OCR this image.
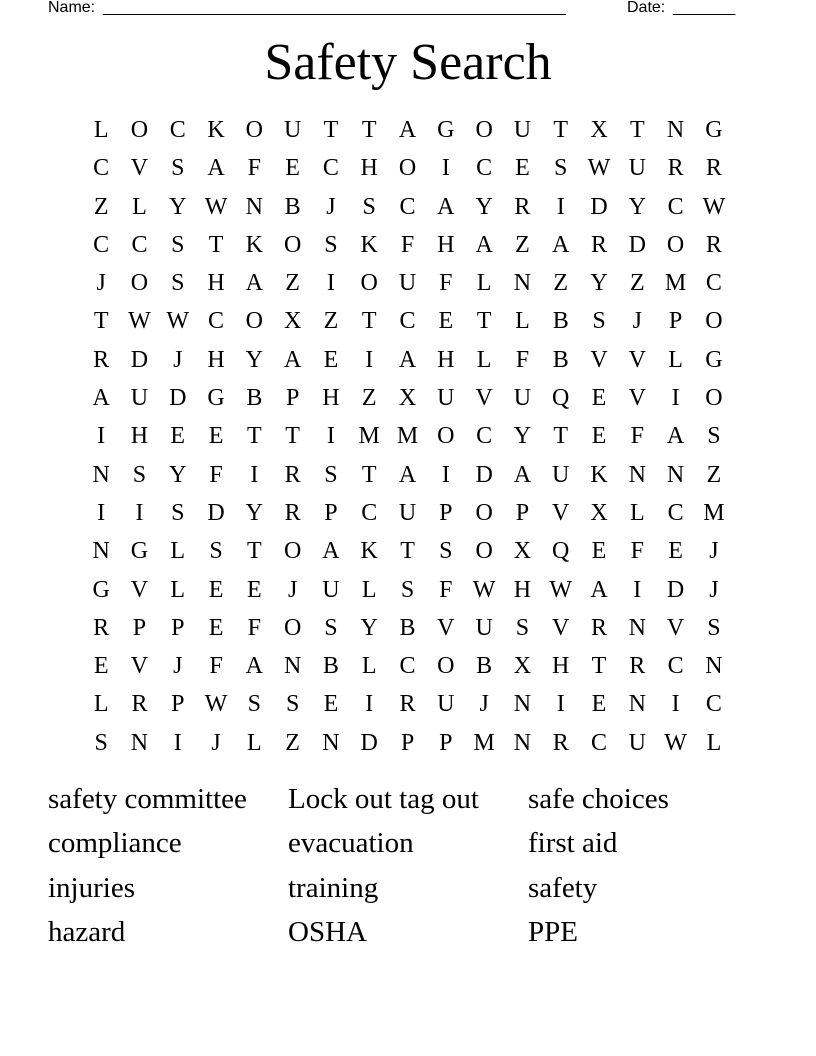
Name: ____________________________________________________	Date: _______
Safety Search
L O C K O U T T A G O U T X T N G
C V S A F	E C H O	I	C E	S W U R R
Z L Y W N B	J	S C A Y R	I	D Y C W
C C S	T K O S K F H A Z A R D O R
J	O S H A Z	I	O U F	L N Z Y Z M C
T W W C O X Z T C E T L B S	J	P O
R D	J	H Y A E	I	A H L	F B V V L G
A U D G B P H Z X U V U Q E V	I	O
I	H E E T T	I M M O C Y T E	F A S
N S Y F	I	R S	T A	I	D A U K N N Z
I	I	S D Y R P C U P O P V X L C M
N G L	S	T O A K T	S O X Q E	F	E	J
G V L E E	J	U L	S	F W H W A	I	D	J
R P	P	E	F O S Y B V U S V R N V S
E V	J	F A N B L C O B X H T R C N
L R P W S	S	E	I	R U	J	N	I	E N	I	C
S N	I	J	L Z N D P	P M N R C U W L
safety committee	Lock out tag out	safe choices
compliance	evacuation	first aid
injuries	training	safety
hazard	OSHA	PPE
